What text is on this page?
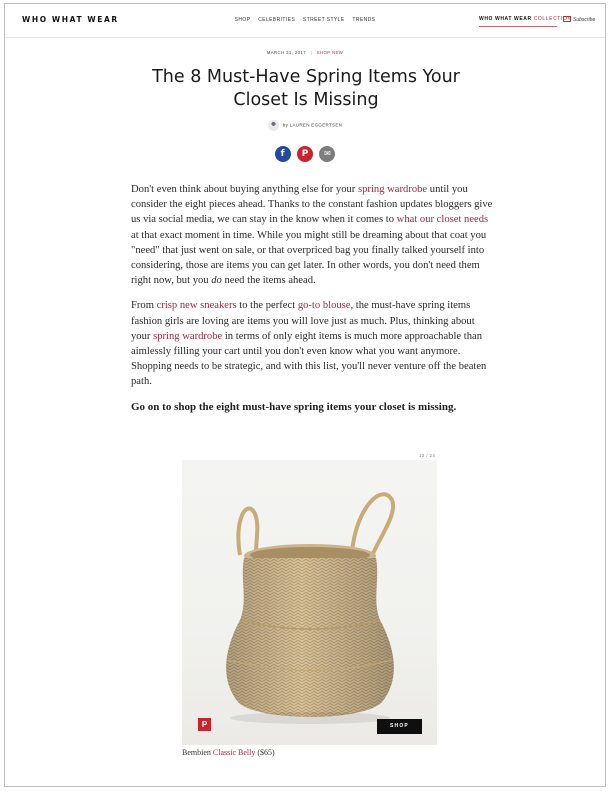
WHO WHAT WEAR	SHOP CELEBRITIES STREET STYLE TRENDS	WHO WHAT WEAR COLLECTION Subscribe
MARCH 31, 2017 | SHOP NEW
The 8 Must-Have Spring Items Your Closet Is Missing
by LAUREN EGGERTSEN
f P ✉

Don't even think about buying anything else for your spring wardrobe until you consider the eight pieces ahead. Thanks to the constant fashion updates bloggers give us via social media, we can stay in the know when it comes to what our closet needs at that exact moment in time. While you might still be dreaming about that coat you "need" that just went on sale, or that overpriced bag you finally talked yourself into considering, those are items you can get later. In other words, you don't need them right now, but you do need the items ahead.

From crisp new sneakers to the perfect go-to blouse, the must-have spring items fashion girls are loving are items you will love just as much. Plus, thinking about your spring wardrobe in terms of only eight items is much more approachable than aimlessly filling your cart until you don't even know what you want anymore. Shopping needs to be strategic, and with this list, you'll never venture off the beaten path.

Go on to shop the eight must-have spring items your closet is missing.

13 / 24
P	SHOP
Bembien Classic Belly ($65)
